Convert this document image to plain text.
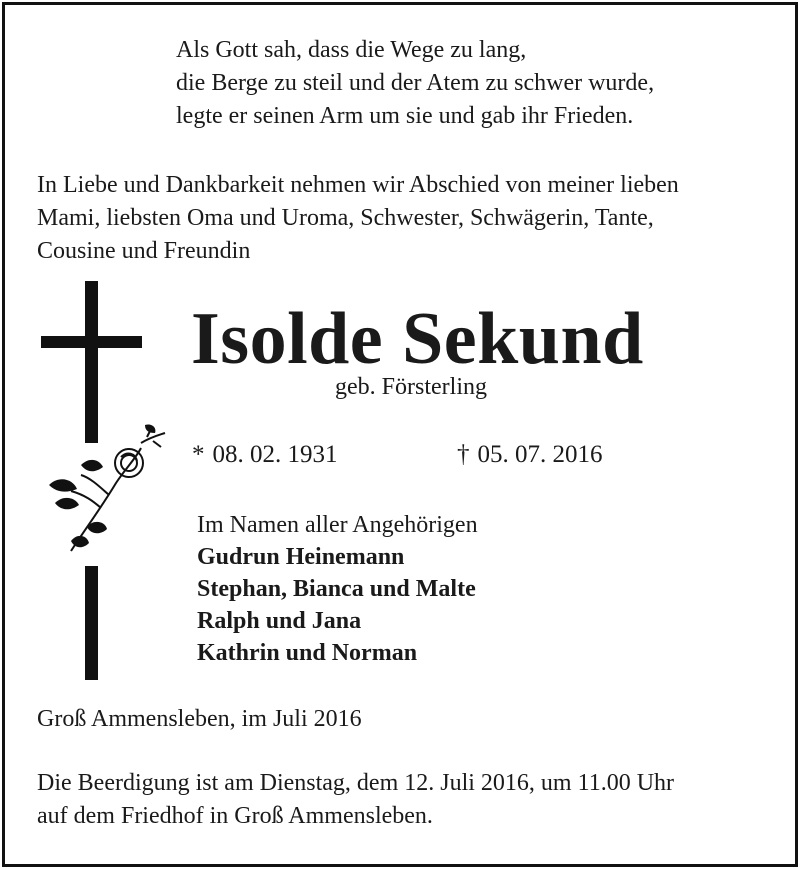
Als Gott sah, dass die Wege zu lang,
die Berge zu steil und der Atem zu schwer wurde,
legte er seinen Arm um sie und gab ihr Frieden.
In Liebe und Dankbarkeit nehmen wir Abschied von meiner lieben
Mami, liebsten Oma und Uroma, Schwester, Schwägerin, Tante,
Cousine und Freundin
Isolde Sekund
geb. Försterling
* 08. 02. 1931	† 05. 07. 2016
Im Namen aller Angehörigen
Gudrun Heinemann
Stephan, Bianca und Malte
Ralph und Jana
Kathrin und Norman
Groß Ammensleben, im Juli 2016
Die Beerdigung ist am Dienstag, dem 12. Juli 2016, um 11.00 Uhr
auf dem Friedhof in Groß Ammensleben.
